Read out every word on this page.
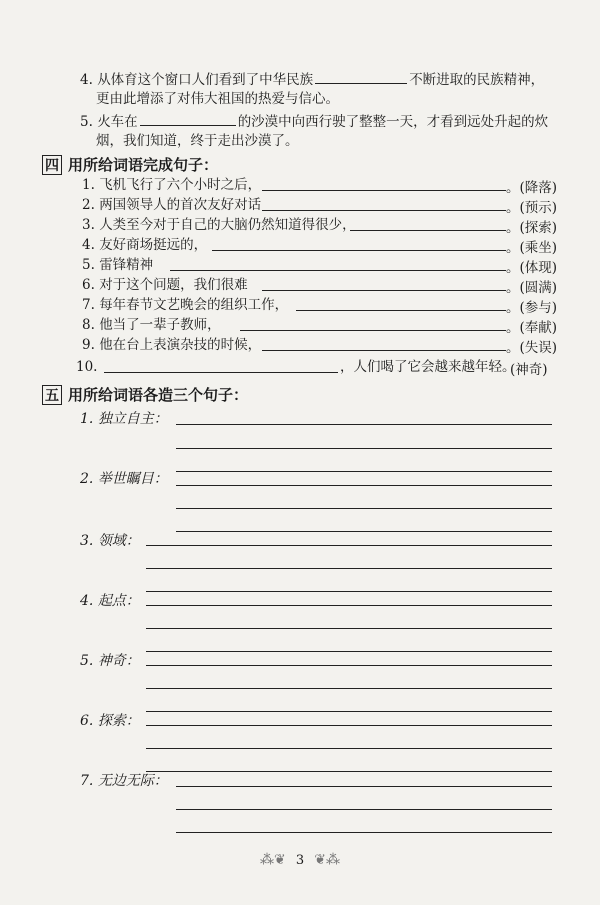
4. 从体育这个窗口人们看到了中华民族	不断进取的民族精神，
更由此增添了对伟大祖国的热爱与信心。
5. 火车在	的沙漠中向西行驶了整整一天，才看到远处升起的炊
烟，我们知道，终于走出沙漠了。
四 用所给词语完成句子：
1. 飞机飞行了六个小时之后，	。(降落)
2. 两国领导人的首次友好对话	。(预示)
3. 人类至今对于自己的大脑仍然知道得很少，	。(探索)
4. 友好商场挺远的，	。(乘坐)
5. 雷锋精神	。(体现)
6. 对于这个问题，我们很难	。(圆满)
7. 每年春节文艺晚会的组织工作，	。(参与)
8. 他当了一辈子教师，	。(奉献)
9. 他在台上表演杂技的时候，	。(失误)
10.	，人们喝了它会越来越年轻。
(神奇)
五 用所给词语各造三个句子：
1. 独立自主：
2. 举世瞩目：
3. 领域：
4. 起点：
5. 神奇：
6. 探索：
7. 无边无际：
⁂❦ 3 ❦⁂
